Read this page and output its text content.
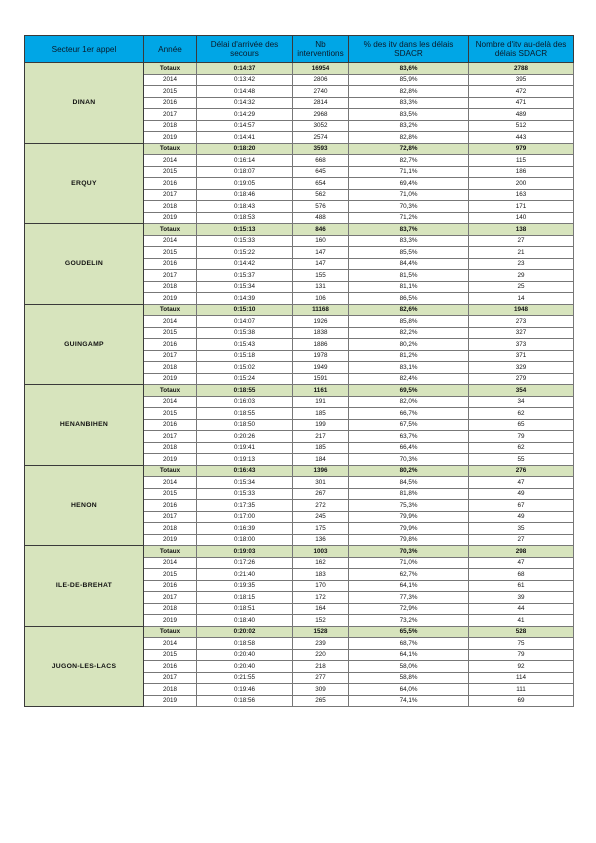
Secteur 1er appel	Année	Délai d'arrivée des secours	Nb interventions	% des itv dans les délais SDACR	Nombre d'itv au-delà des délais SDACR
DINAN	Totaux	0:14:37	16954	83,6%	2788
	2014	0:13:42	2806	85,9%	395
	2015	0:14:48	2740	82,8%	472
	2016	0:14:32	2814	83,3%	471
	2017	0:14:29	2968	83,5%	489
	2018	0:14:57	3052	83,2%	512
	2019	0:14:41	2574	82,8%	443
ERQUY	Totaux	0:18:20	3593	72,8%	979
	2014	0:16:14	668	82,7%	115
	2015	0:18:07	645	71,1%	186
	2016	0:19:05	654	69,4%	200
	2017	0:18:46	562	71,0%	163
	2018	0:18:43	576	70,3%	171
	2019	0:18:53	488	71,2%	140
GOUDELIN	Totaux	0:15:13	846	83,7%	138
	2014	0:15:33	160	83,3%	27
	2015	0:15:22	147	85,5%	21
	2016	0:14:42	147	84,4%	23
	2017	0:15:37	155	81,5%	29
	2018	0:15:34	131	81,1%	25
	2019	0:14:39	106	86,5%	14
GUINGAMP	Totaux	0:15:10	11168	82,6%	1948
	2014	0:14:07	1926	85,8%	273
	2015	0:15:38	1838	82,2%	327
	2016	0:15:43	1886	80,2%	373
	2017	0:15:18	1978	81,2%	371
	2018	0:15:02	1949	83,1%	329
	2019	0:15:24	1591	82,4%	279
HENANBIHEN	Totaux	0:18:55	1161	69,5%	354
	2014	0:16:03	191	82,0%	34
	2015	0:18:55	185	66,7%	62
	2016	0:18:50	199	67,5%	65
	2017	0:20:26	217	63,7%	79
	2018	0:19:41	185	66,4%	62
	2019	0:19:13	184	70,3%	55
HENON	Totaux	0:16:43	1396	80,2%	276
	2014	0:15:34	301	84,5%	47
	2015	0:15:33	267	81,8%	49
	2016	0:17:35	272	75,3%	67
	2017	0:17:00	245	79,9%	49
	2018	0:16:39	175	79,9%	35
	2019	0:18:00	136	79,8%	27
ILE-DE-BREHAT	Totaux	0:19:03	1003	70,3%	298
	2014	0:17:26	162	71,0%	47
	2015	0:21:40	183	62,7%	68
	2016	0:19:35	170	64,1%	61
	2017	0:18:15	172	77,3%	39
	2018	0:18:51	164	72,9%	44
	2019	0:18:40	152	73,2%	41
JUGON-LES-LACS	Totaux	0:20:02	1528	65,5%	528
	2014	0:18:58	239	68,7%	75
	2015	0:20:40	220	64,1%	79
	2016	0:20:40	218	58,0%	92
	2017	0:21:55	277	58,8%	114
	2018	0:19:46	309	64,0%	111
	2019	0:18:56	265	74,1%	69
